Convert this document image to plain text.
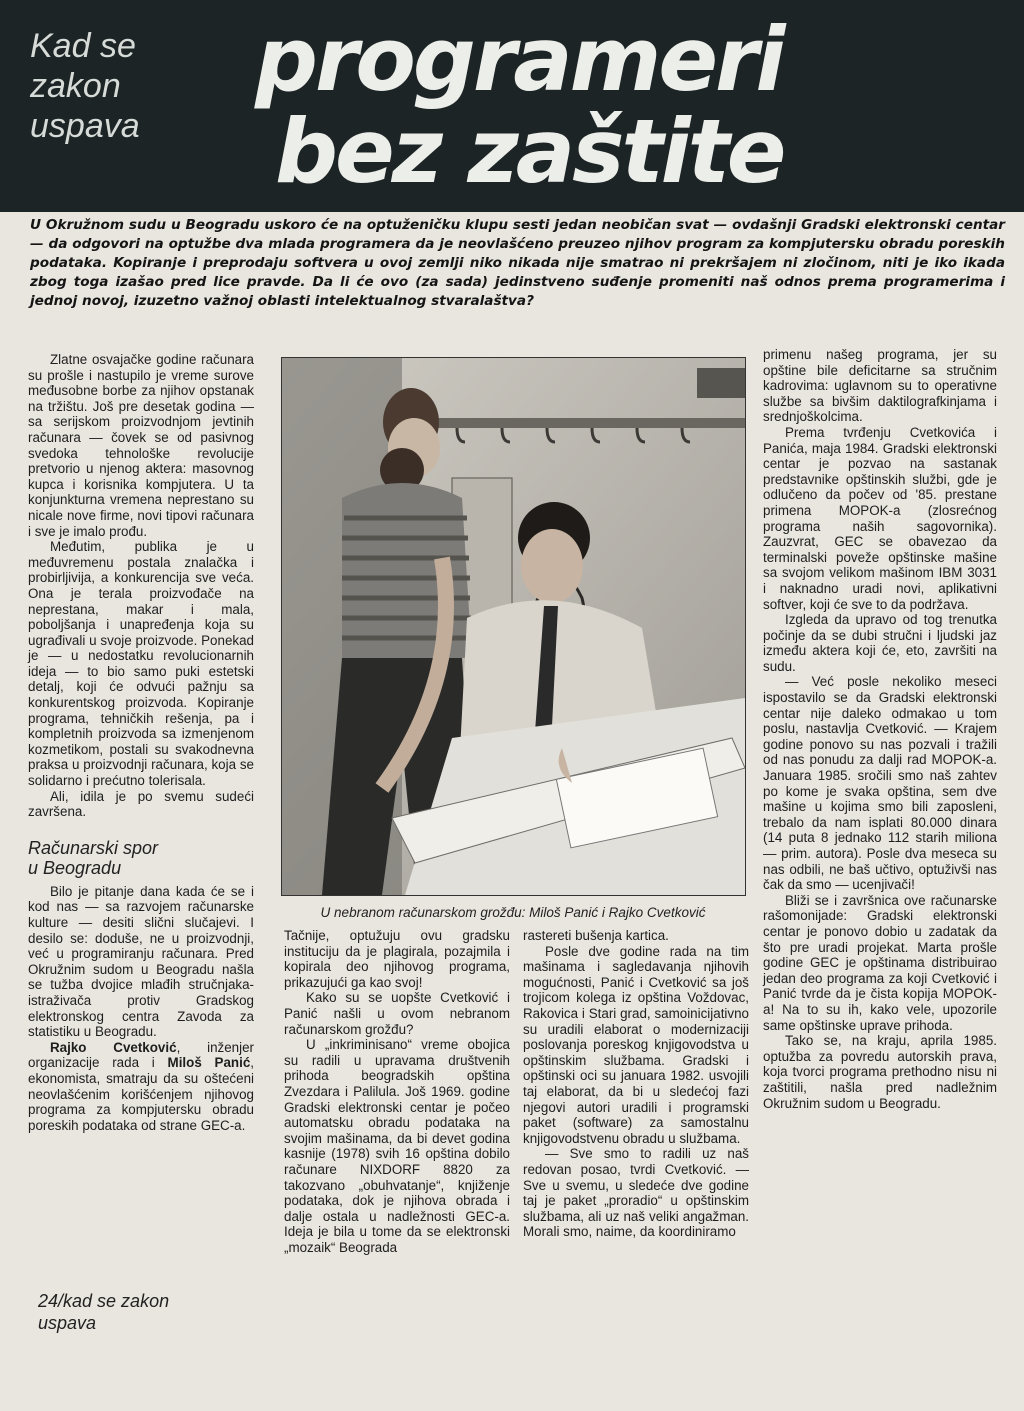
Kad se
zakon
uspava
programeri
bez zaštite
U Okružnom sudu u Beogradu uskoro će na optuženičku klupu sesti jedan neobičan svat — ovdašnji Gradski elektronski centar — da odgovori na optužbe dva mlada programera da je neovlašćeno preuzeo njihov program za kompjutersku obradu poreskih podataka. Kopiranje i preprodaju softvera u ovoj zemlji niko nikada nije smatrao ni prekršajem ni zločinom, niti je iko ikada zbog toga izašao pred lice pravde. Da li će ovo (za sada) jedinstveno suđenje promeniti naš odnos prema programerima i jednoj novoj, izuzetno važnoj oblasti intelektualnog stvaralaštva?

Zlatne osvajačke godine računara su prošle i nastupilo je vreme surove međusobne borbe za njihov opstanak na tržištu. Još pre desetak godina — sa serijskom proizvodnjom jevtinih računara — čovek se od pasivnog svedoka tehnološke revolucije pretvorio u njenog aktera: masovnog kupca i korisnika kompjutera. U ta konjunkturna vremena neprestano su nicale nove firme, novi tipovi računara i sve je imalo prođu.

Međutim, publika je u međuvremenu postala znalačka i probirljivija, a konkurencija sve veća. Ona je terala proizvođače na neprestana, makar i mala, poboljšanja i unapređenja koja su ugrađivali u svoje proizvode. Ponekad je — u nedostatku revolucionarnih ideja — to bio samo puki estetski detalj, koji će odvući pažnju sa konkurentskog proizvoda. Kopiranje programa, tehničkih rešenja, pa i kompletnih proizvoda sa izmenjenom kozmetikom, postali su svakodnevna praksa u proizvodnji računara, koja se solidarno i prećutno tolerisala.

Ali, idila je po svemu sudeći završena.

Računarski spor
u Beogradu

Bilo je pitanje dana kada će se i kod nas — sa razvojem računarske kulture — desiti slični slučajevi. I desilo se: doduše, ne u proizvodnji, već u programiranju računara. Pred Okružnim sudom u Beogradu našla se tužba dvojice mlađih stručnjaka-istraživača protiv Gradskog elektronskog centra Zavoda za statistiku u Beogradu.

Rajko Cvetković, inženjer organizacije rada i Miloš Panić, ekonomista, smatraju da su oštećeni neovlašćenim korišćenjem njihovog programa za kompjutersku obradu poreskih podataka od strane GEC-a.

24/kad se zakon
uspava
U nebranom računarskom grožđu: Miloš Panić i Rajko Cvetković

Tačnije, optužuju ovu gradsku instituciju da je plagirala, pozajmila i kopirala deo njihovog programa, prikazujući ga kao svoj!

Kako su se uopšte Cvetković i Panić našli u ovom nebranom računarskom grožđu?

U „inkriminisano“ vreme obojica su radili u upravama društvenih prihoda beogradskih opština Zvezdara i Palilula. Još 1969. godine Gradski elektronski centar je počeo automatsku obradu podataka na svojim mašinama, da bi devet godina kasnije (1978) svih 16 opština dobilo računare NIXDORF 8820 za takozvano „obuhvatanje“, knjiženje podataka, dok je njihova obrada i dalje ostala u nadležnosti GEC-a. Ideja je bila u tome da se elektronski „mozaik“ Beograda

rastereti bušenja kartica.

Posle dve godine rada na tim mašinama i sagledavanja njihovih mogućnosti, Panić i Cvetković sa još trojicom kolega iz opština Voždovac, Rakovica i Stari grad, samoinicijativno su uradili elaborat o modernizaciji poslovanja poreskog knjigovodstva u opštinskim službama. Gradski i opštinski oci su januara 1982. usvojili taj elaborat, da bi u sledećoj fazi njegovi autori uradili i programski paket (software) za samostalnu knjigovodstvenu obradu u službama.

— Sve smo to radili uz naš redovan posao, tvrdi Cvetković. — Sve u svemu, u sledeće dve godine taj je paket „proradio“ u opštinskim službama, ali uz naš veliki angažman. Morali smo, naime, da koordiniramo

primenu našeg programa, jer su opštine bile deficitarne sa stručnim kadrovima: uglavnom su to operativne službe sa bivšim daktilografkinjama i srednjoškolcima.

Prema tvrđenju Cvetkovića i Panića, maja 1984. Gradski elektronski centar je pozvao na sastanak predstavnike opštinskih službi, gde je odlučeno da počev od '85. prestane primena MOPOK-a (zlosrećnog programa naših sagovornika). Zauzvrat, GEC se obavezao da terminalski poveže opštinske mašine sa svojom velikom mašinom IBM 3031 i naknadno uradi novi, aplikativni softver, koji će sve to da podržava.

Izgleda da upravo od tog trenutka počinje da se dubi stručni i ljudski jaz između aktera koji će, eto, završiti na sudu.

— Već posle nekoliko meseci ispostavilo se da Gradski elektronski centar nije daleko odmakao u tom poslu, nastavlja Cvetković. — Krajem godine ponovo su nas pozvali i tražili od nas ponudu za dalji rad MOPOK-a. Januara 1985. sročili smo naš zahtev po kome je svaka opština, sem dve mašine u kojima smo bili zaposleni, trebalo da nam isplati 80.000 dinara (14 puta 8 jednako 112 starih miliona — prim. autora). Posle dva meseca su nas odbili, ne baš učtivo, optuživši nas čak da smo — ucenjivači!

Bliži se i završnica ove računarske rašomonijade: Gradski elektronski centar je ponovo dobio u zadatak da što pre uradi projekat. Marta prošle godine GEC je opštinama distribuirao jedan deo programa za koji Cvetković i Panić tvrde da je čista kopija MOPOK-a! Na to su ih, kako vele, upozorile same opštinske uprave prihoda.

Tako se, na kraju, aprila 1985. optužba za povredu autorskih prava, koja tvorci programa prethodno nisu ni zaštitili, našla pred nadležnim Okružnim sudom u Beogradu.
